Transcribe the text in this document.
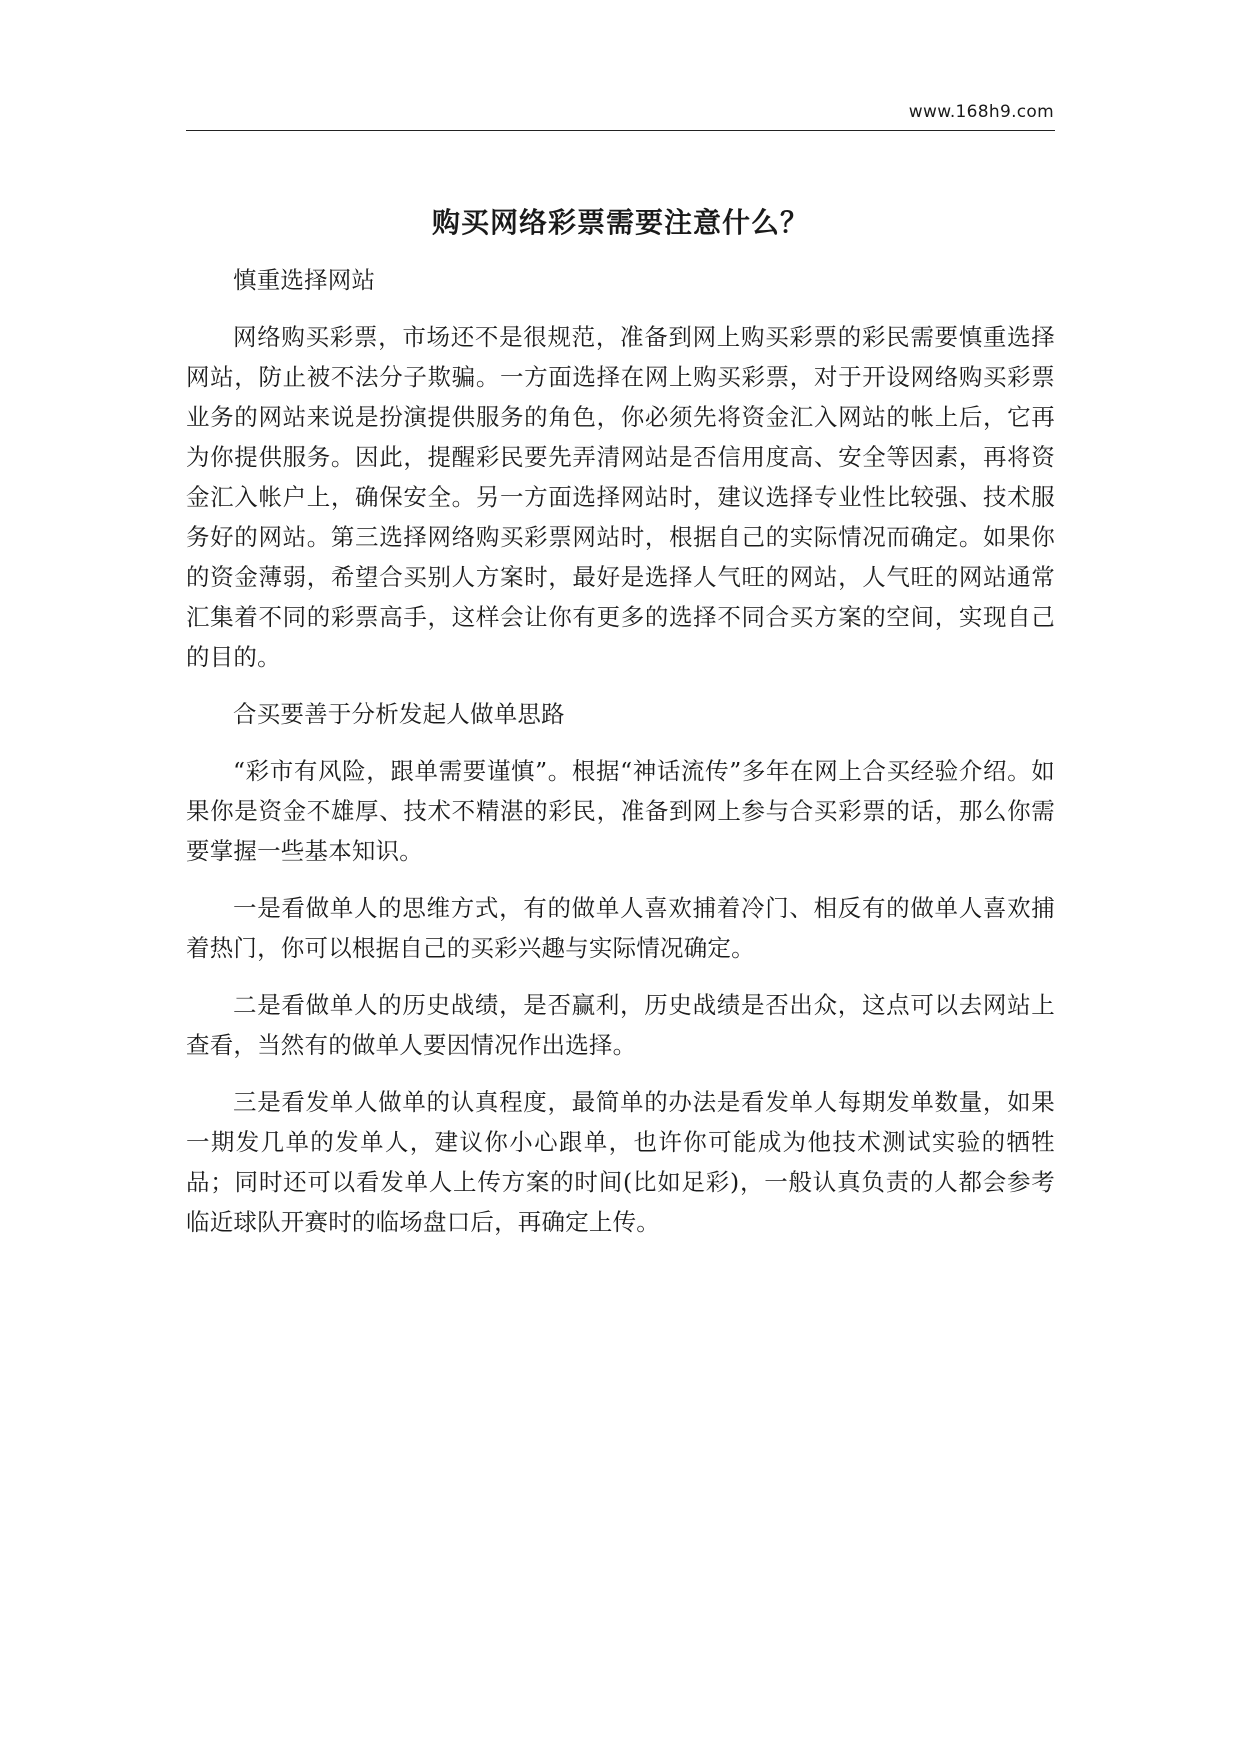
www.168h9.com
购买网络彩票需要注意什么？

慎重选择网站

网络购买彩票，市场还不是很规范，准备到网上购买彩票的彩民需要慎重选择网站，防止被不法分子欺骗。一方面选择在网上购买彩票，对于开设网络购买彩票业务的网站来说是扮演提供服务的角色，你必须先将资金汇入网站的帐上后，它再为你提供服务。因此，提醒彩民要先弄清网站是否信用度高、安全等因素，再将资金汇入帐户上，确保安全。另一方面选择网站时，建议选择专业性比较强、技术服务好的网站。第三选择网络购买彩票网站时，根据自己的实际情况而确定。如果你的资金薄弱，希望合买别人方案时，最好是选择人气旺的网站，人气旺的网站通常汇集着不同的彩票高手，这样会让你有更多的选择不同合买方案的空间，实现自己的目的。

合买要善于分析发起人做单思路

“彩市有风险，跟单需要谨慎”。根据“神话流传”多年在网上合买经验介绍。如果你是资金不雄厚、技术不精湛的彩民，准备到网上参与合买彩票的话，那么你需要掌握一些基本知识。

一是看做单人的思维方式，有的做单人喜欢捕着冷门、相反有的做单人喜欢捕着热门，你可以根据自己的买彩兴趣与实际情况确定。

二是看做单人的历史战绩，是否赢利，历史战绩是否出众，这点可以去网站上查看，当然有的做单人要因情况作出选择。

三是看发单人做单的认真程度，最简单的办法是看发单人每期发单数量，如果一期发几单的发单人，建议你小心跟单，也许你可能成为他技术测试实验的牺牲品；同时还可以看发单人上传方案的时间(比如足彩)，一般认真负责的人都会参考临近球队开赛时的临场盘口后，再确定上传。
